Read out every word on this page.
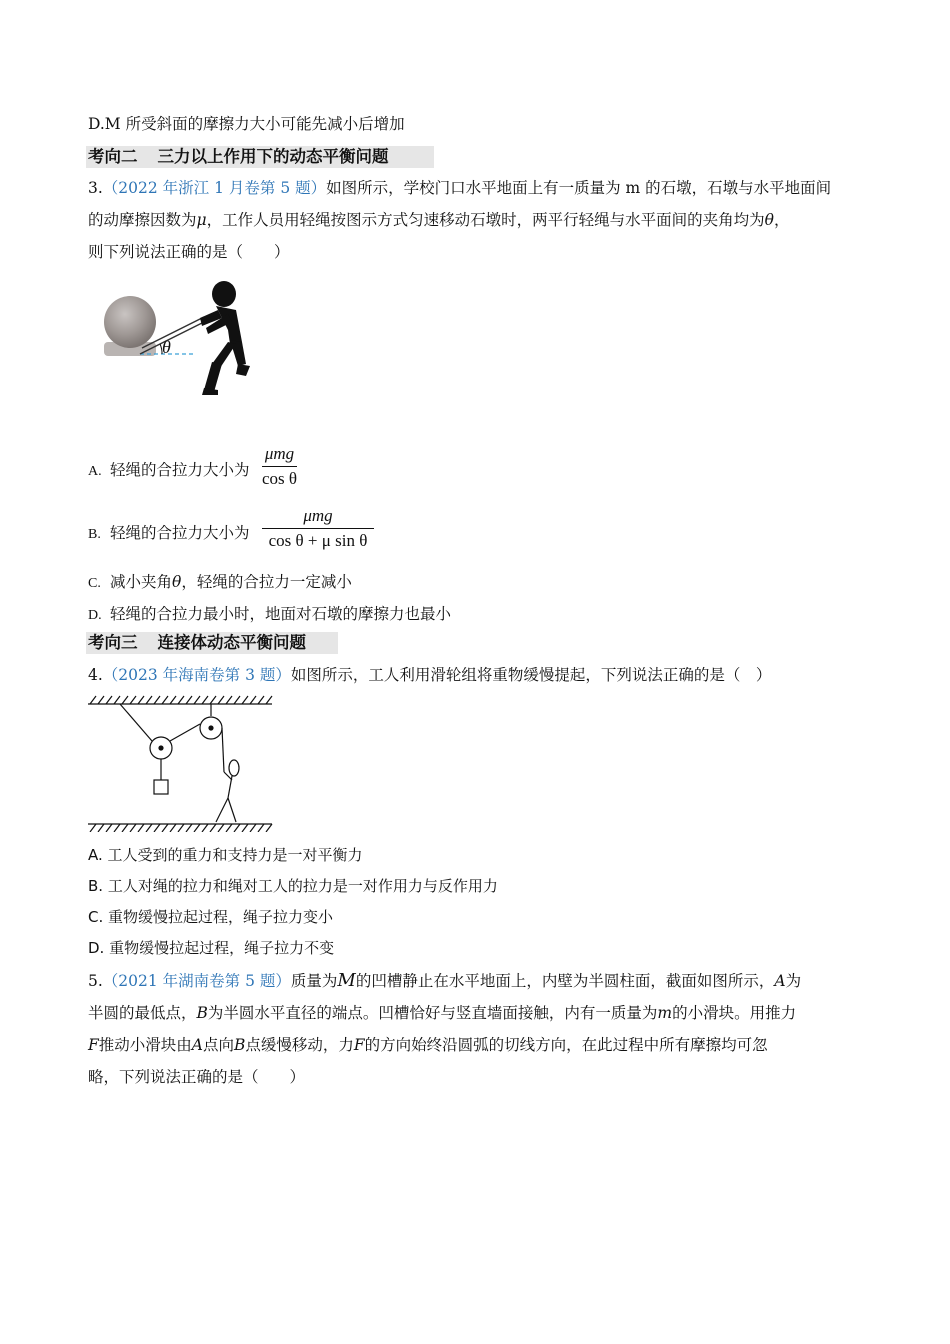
D.M 所受斜面的摩擦力大小可能先减小后增加
考向二 三力以上作用下的动态平衡问题
3.（2022 年浙江 1 月卷第 5 题）如图所示，学校门口水平地面上有一质量为 m 的石墩，石墩与水平地面间
的动摩擦因数为μ，工作人员用轻绳按图示方式匀速移动石墩时，两平行轻绳与水平面间的夹角均为θ，
则下列说法正确的是（　　）
θ
A. 轻绳的合拉力大小为
μmg
cos θ
B. 轻绳的合拉力大小为
μmg
cos θ + μ sin θ
C. 减小夹角θ，轻绳的合拉力一定减小
D. 轻绳的合拉力最小时，地面对石墩的摩擦力也最小
考向三 连接体动态平衡问题
4.（2023 年海南卷第 3 题）如图所示，工人利用滑轮组将重物缓慢提起，下列说法正确的是（　）
A. 工人受到的重力和支持力是一对平衡力
B. 工人对绳的拉力和绳对工人的拉力是一对作用力与反作用力
C. 重物缓慢拉起过程，绳子拉力变小
D. 重物缓慢拉起过程，绳子拉力不变
5.（2021 年湖南卷第 5 题）质量为M的凹槽静止在水平地面上，内壁为半圆柱面，截面如图所示，A为
半圆的最低点，B为半圆水平直径的端点。凹槽恰好与竖直墙面接触，内有一质量为m的小滑块。用推力
F推动小滑块由A点向B点缓慢移动，力F的方向始终沿圆弧的切线方向，在此过程中所有摩擦均可忽
略，下列说法正确的是（　　）
